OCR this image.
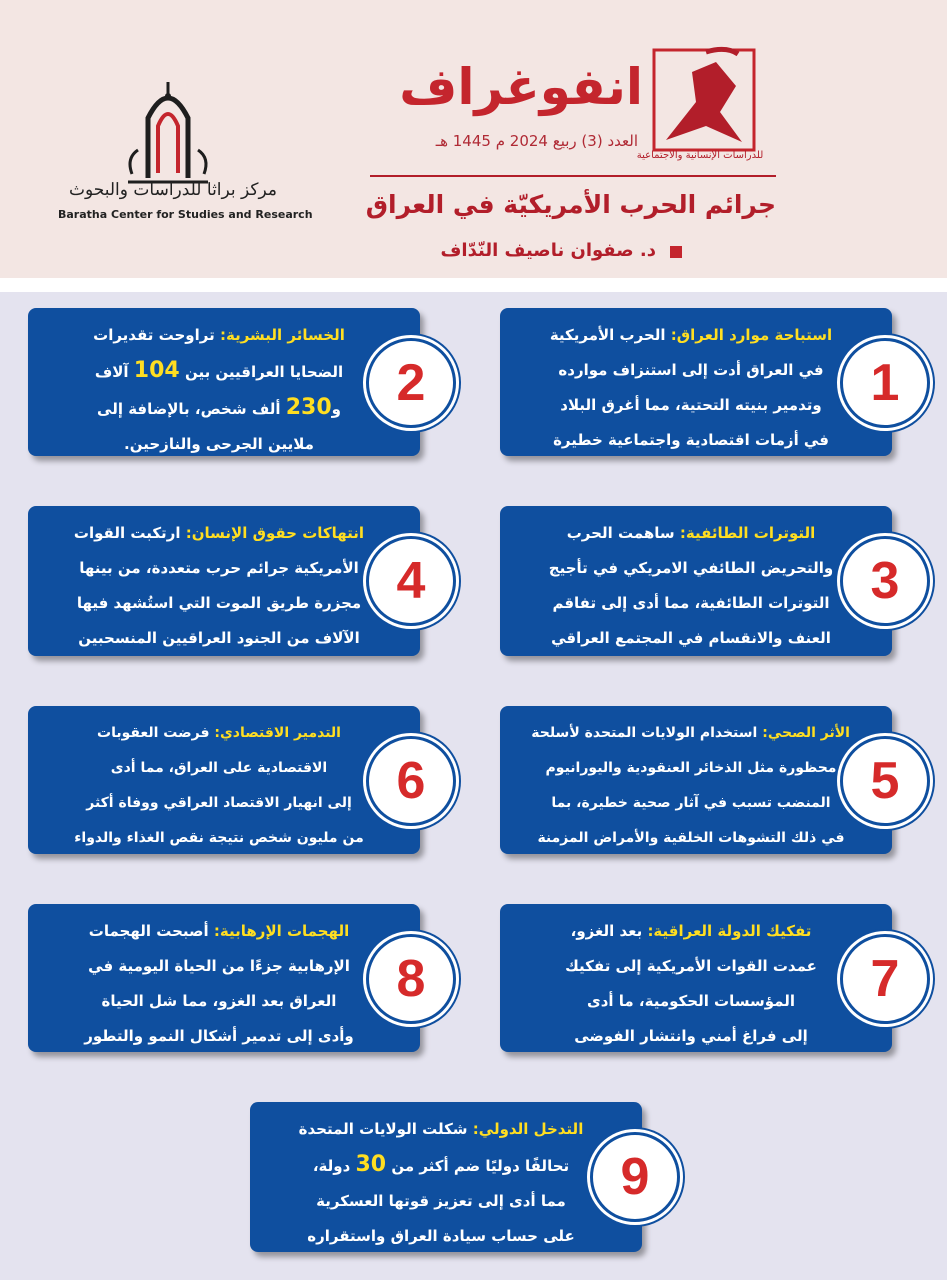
للدراسات الإنسانية والاجتماعية
انفوغراف
العدد (3) ربيع 2024 م 1445 هـ
جرائم الحرب الأمريكيّة في العراق
د. صفوان ناصيف النّدّاف
مركز براثا للدراسات والبحوث
Baratha Center for Studies and Research
استباحة موارد العراق: الحرب الأمريكية
في العراق أدت إلى استنزاف موارده
وتدمير بنيته التحتية، مما أغرق البلاد
في أزمات اقتصادية واجتماعية خطيرة
1
الخسائر البشرية: تراوحت تقديرات
الضحايا العراقيين بين 104 آلاف
و230 ألف شخص، بالإضافة إلى
ملايين الجرحى والنازحين.
2
التوترات الطائفية: ساهمت الحرب
والتحريض الطائفي الامريكي في تأجيج
التوترات الطائفية، مما أدى إلى تفاقم
العنف والانقسام في المجتمع العراقي
3
انتهاكات حقوق الإنسان: ارتكبت القوات
الأمريكية جرائم حرب متعددة، من بينها
مجزرة طريق الموت التي استُشهد فيها
الآلاف من الجنود العراقيين المنسحبين
4
الأثر الصحي: استخدام الولايات المتحدة لأسلحة
محظورة مثل الذخائر العنقودية واليورانيوم
المنضب تسبب في آثار صحية خطيرة، بما
في ذلك التشوهات الخلقية والأمراض المزمنة
5
التدمير الاقتصادي: فرضت العقوبات
الاقتصادية على العراق، مما أدى
إلى انهيار الاقتصاد العراقي ووفاة أكثر
من مليون شخص نتيجة نقص الغذاء والدواء
6
تفكيك الدولة العراقية: بعد الغزو،
عمدت القوات الأمريكية إلى تفكيك
المؤسسات الحكومية، ما أدى
إلى فراغ أمني وانتشار الفوضى
7
الهجمات الإرهابية: أصبحت الهجمات
الإرهابية جزءًا من الحياة اليومية في
العراق بعد الغزو، مما شل الحياة
وأدى إلى تدمير أشكال النمو والتطور
8
التدخل الدولي: شكلت الولايات المتحدة
تحالفًا دوليًا ضم أكثر من 30 دولة،
مما أدى إلى تعزيز قوتها العسكرية
على حساب سيادة العراق واستقراره
9
